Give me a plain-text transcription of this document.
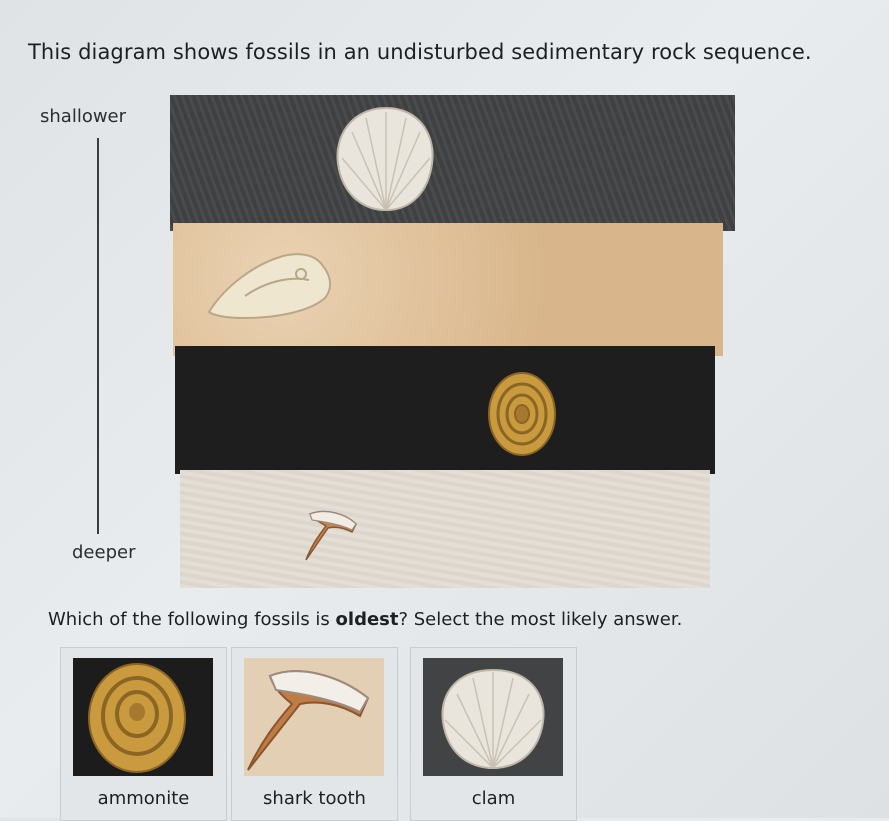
This diagram shows fossils in an undisturbed sedimentary rock sequence.
shallower
deeper

Which of the following fossils is oldest? Select the most likely answer.

ammonite	shark tooth	clam
